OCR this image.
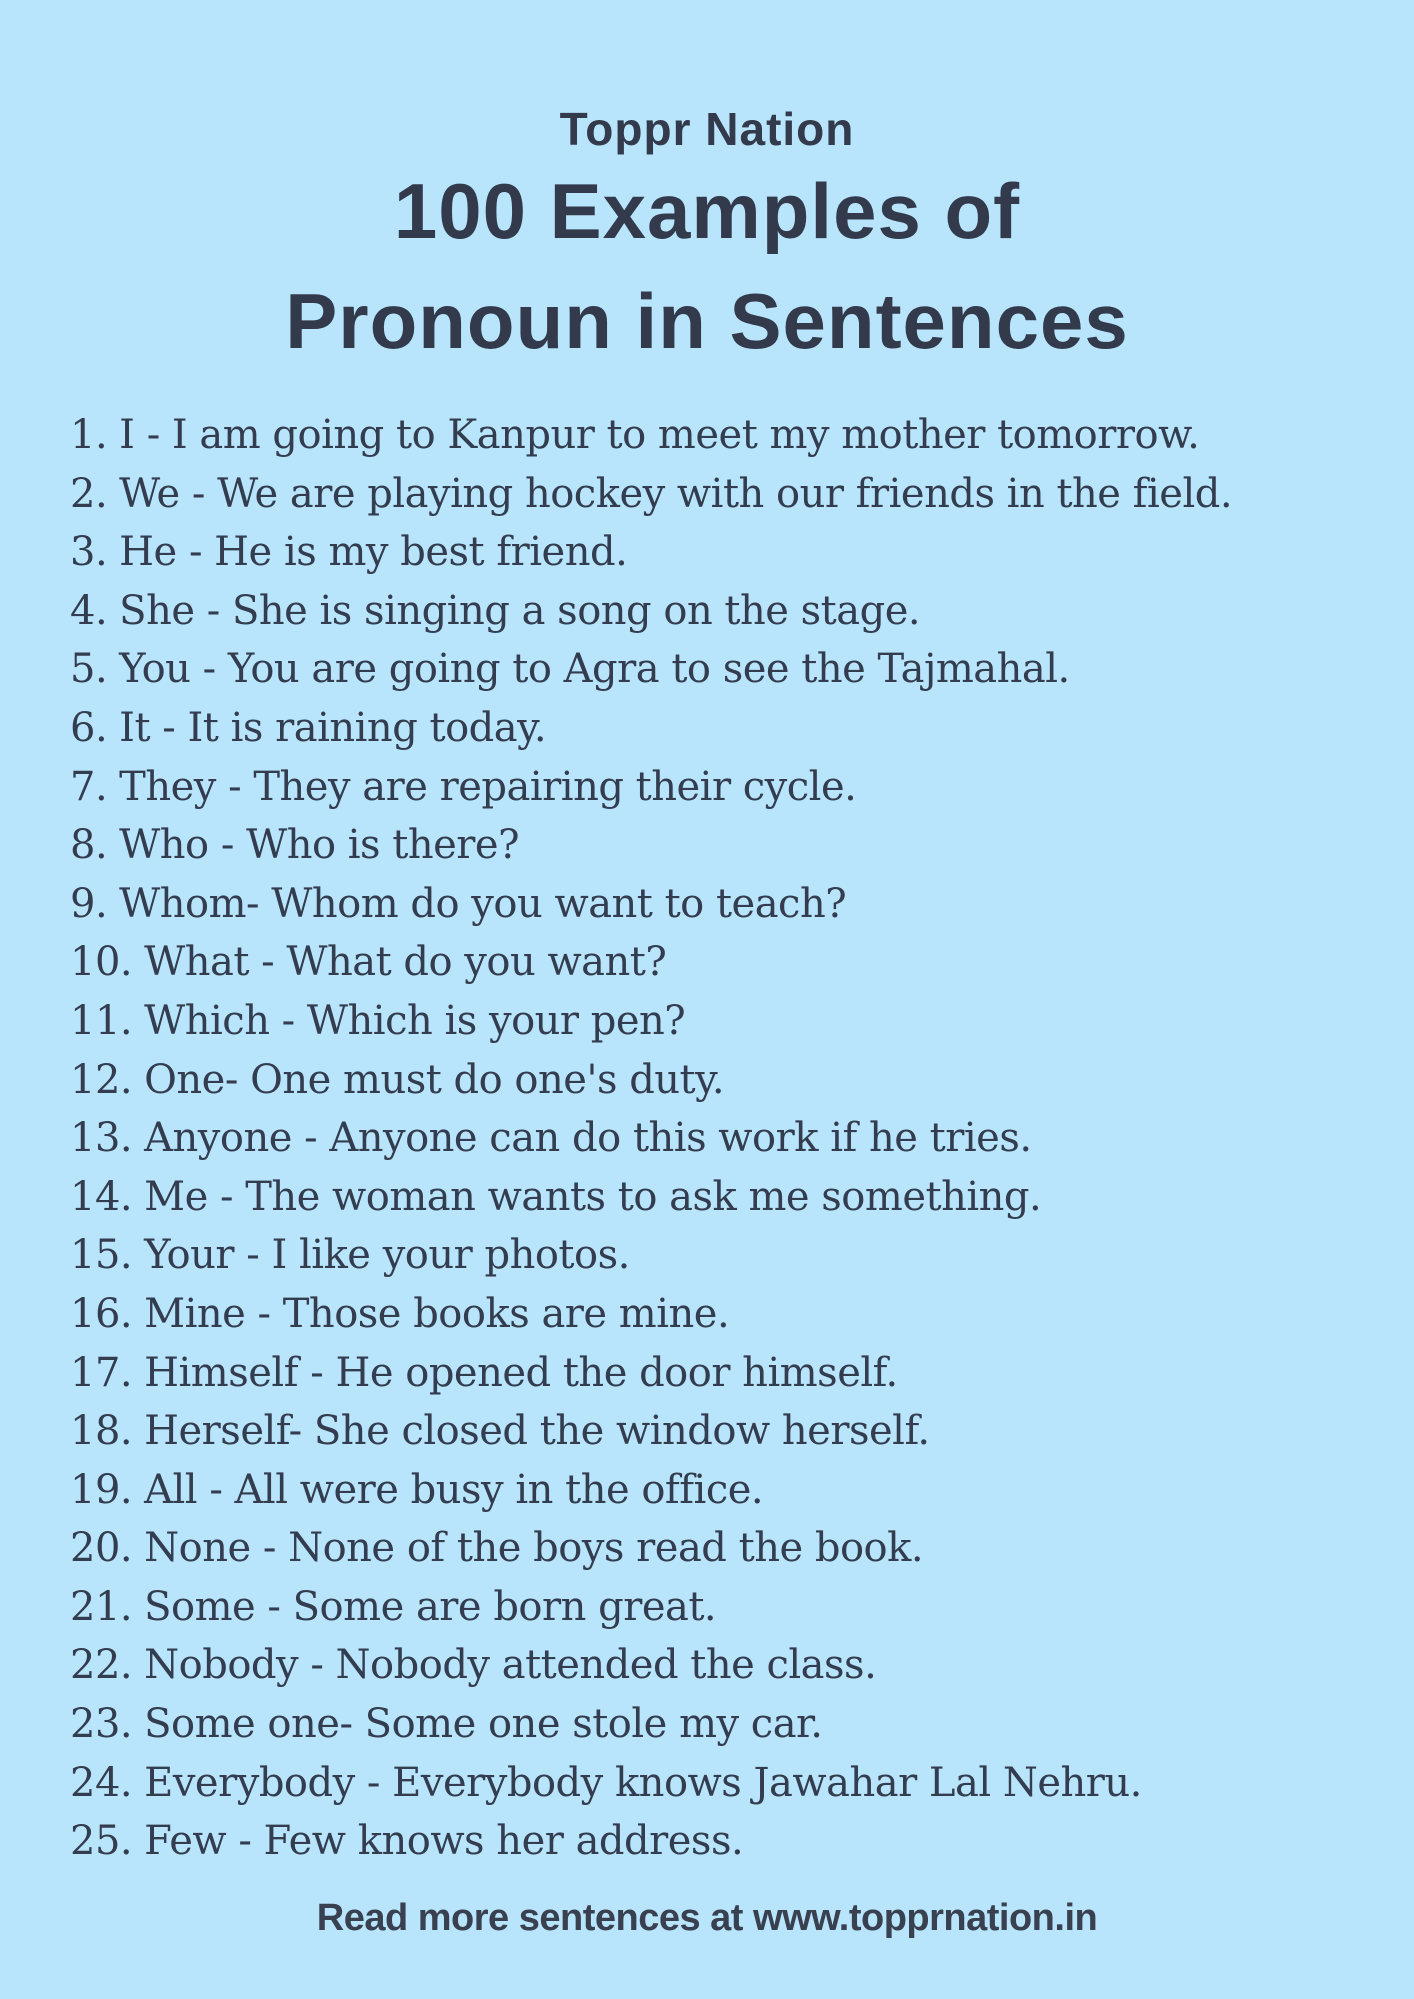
Toppr Nation
100 Examples of
Pronoun in Sentences
1. I - I am going to Kanpur to meet my mother tomorrow.
2. We - We are playing hockey with our friends in the field.
3. He - He is my best friend.
4. She - She is singing a song on the stage.
5. You - You are going to Agra to see the Tajmahal.
6. It - It is raining today.
7. They - They are repairing their cycle.
8. Who - Who is there?
9. Whom- Whom do you want to teach?
10. What - What do you want?
11. Which - Which is your pen?
12. One- One must do one's duty.
13. Anyone - Anyone can do this work if he tries.
14. Me - The woman wants to ask me something.
15. Your - I like your photos.
16. Mine - Those books are mine.
17. Himself - He opened the door himself.
18. Herself- She closed the window herself.
19. All - All were busy in the office.
20. None - None of the boys read the book.
21. Some - Some are born great.
22. Nobody - Nobody attended the class.
23. Some one- Some one stole my car.
24. Everybody - Everybody knows Jawahar Lal Nehru.
25. Few - Few knows her address.
Read more sentences at www.topprnation.in
